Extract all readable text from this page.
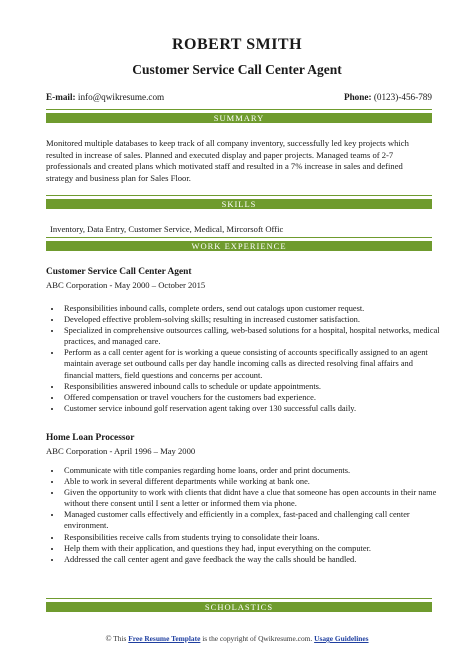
ROBERT SMITH
Customer Service Call Center Agent
E-mail: info@qwikresume.com	Phone: (0123)-456-789
SUMMARY
Monitored multiple databases to keep track of all company inventory, successfully led key projects which resulted in increase of sales. Planned and executed display and paper projects. Managed teams of 2-7 professionals and created plans which motivated staff and resulted in a 7% increase in sales and defined strategy and business plan for Sales Floor.
SKILLS
Inventory, Data Entry, Customer Service, Medical, Mircorsoft Offic
WORK EXPERIENCE
Customer Service Call Center Agent
ABC Corporation - May 2000 – October 2015
• Responsibilities inbound calls, complete orders, send out catalogs upon customer request.
• Developed effective problem-solving skills; resulting in increased customer satisfaction.
• Specialized in comprehensive outsources calling, web-based solutions for a hospital, hospital networks, medical practices, and managed care.
• Perform as a call center agent for is working a queue consisting of accounts specifically assigned to an agent maintain average set outbound calls per day handle incoming calls as directed resolving final affairs and financial matters, field questions and concerns per account.
• Responsibilities answered inbound calls to schedule or update appointments.
• Offered compensation or travel vouchers for the customers bad experience.
• Customer service inbound golf reservation agent taking over 130 successful calls daily.
Home Loan Processor
ABC Corporation - April 1996 – May 2000
• Communicate with title companies regarding home loans, order and print documents.
• Able to work in several different departments while working at bank one.
• Given the opportunity to work with clients that didnt have a clue that someone has open accounts in their name without there consent until I sent a letter or informed them via phone.
• Managed customer calls effectively and efficiently in a complex, fast-paced and challenging call center environment.
• Responsibilities receive calls from students trying to consolidate their loans.
• Help them with their application, and questions they had, input everything on the computer.
• Addressed the call center agent and gave feedback the way the calls should be handled.
SCHOLASTICS
© This Free Resume Template is the copyright of Qwikresume.com. Usage Guidelines
